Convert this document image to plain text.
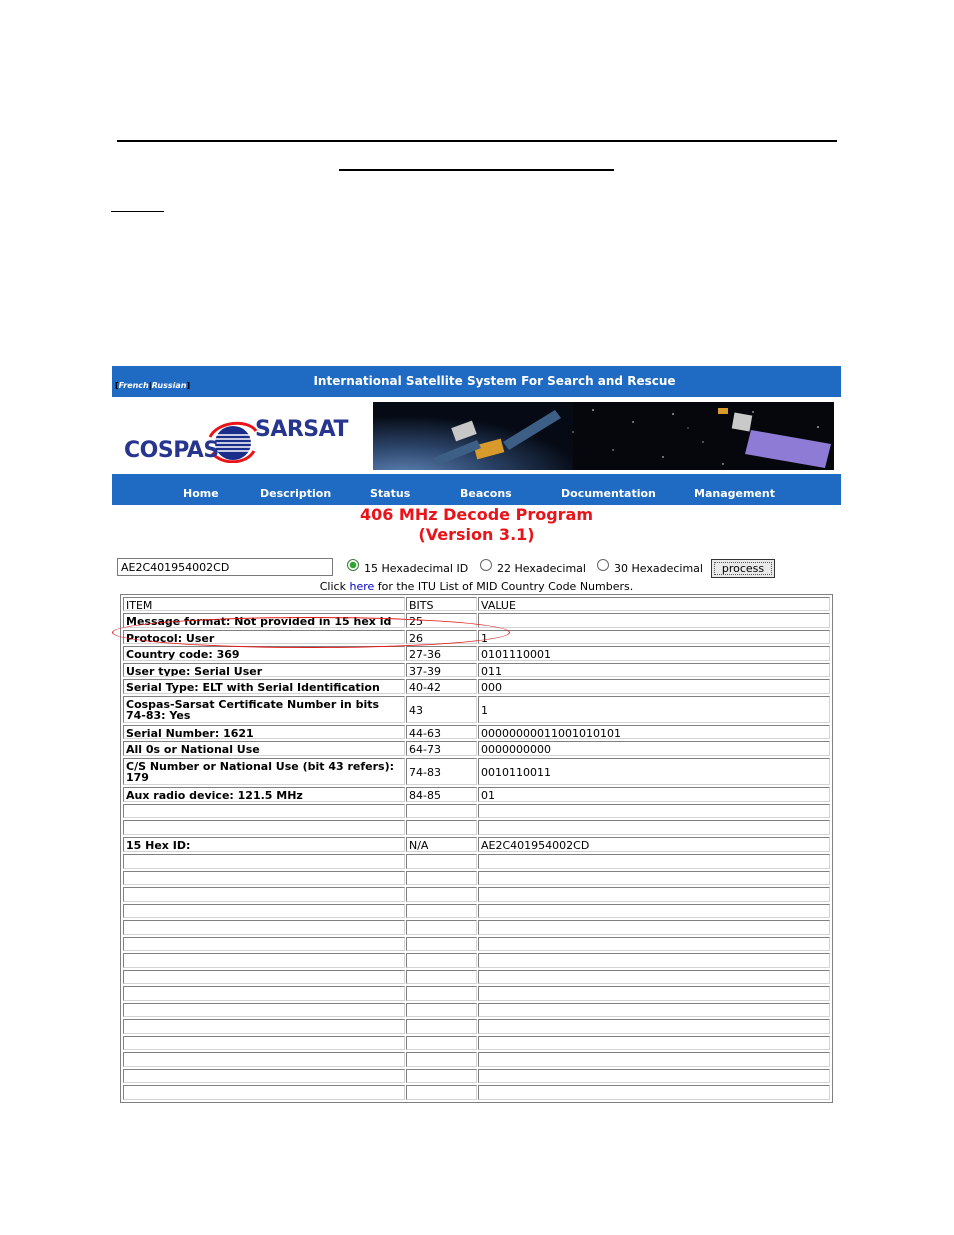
[French|Russian]	International Satellite System For Search and Rescue
COSPAS
SARSAT
Home	Description	Status	Beacons	Documentation	Management
406 MHz Decode Program
(Version 3.1)
AE2C401954002CD
15 Hexadecimal ID	22 Hexadecimal	30 Hexadecimal	process
Click here for the ITU List of MID Country Code Numbers.
ITEM	BITS	VALUE
Message format: Not provided in 15 hex id	25
Protocol: User	26	1
Country code: 369	27-36	0101110001
User type: Serial User	37-39	011
Serial Type: ELT with Serial Identification	40-42	000
Cospas-Sarsat Certificate Number in bits 74-83: Yes	43	1
Serial Number: 1621	44-63	00000000011001010101
All 0s or National Use	64-73	0000000000
C/S Number or National Use (bit 43 refers): 179	74-83	0010110011
Aux radio device: 121.5 MHz	84-85	01
15 Hex ID:	N/A	AE2C401954002CD
